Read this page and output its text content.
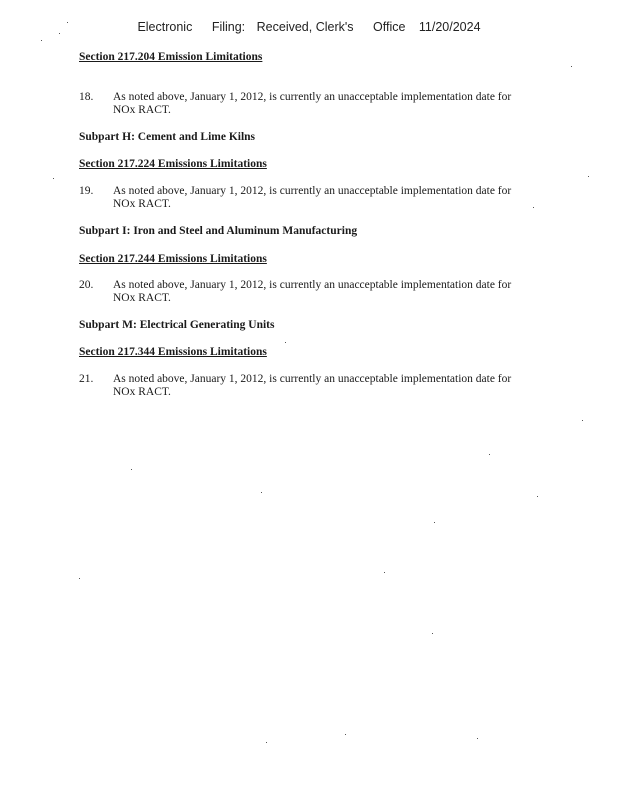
Electronic Filing: Received, Clerk's Office 11/20/2024
Section 217.204 Emission Limitations
18. As noted above, January 1, 2012, is currently an unacceptable implementation date for NOx RACT.
Subpart H: Cement and Lime Kilns
Section 217.224 Emissions Limitations
19. As noted above, January 1, 2012, is currently an unacceptable implementation date for NOx RACT.
Subpart I: Iron and Steel and Aluminum Manufacturing
Section 217.244 Emissions Limitations
20. As noted above, January 1, 2012, is currently an unacceptable implementation date for NOx RACT.
Subpart M: Electrical Generating Units
Section 217.344 Emissions Limitations
21. As noted above, January 1, 2012, is currently an unacceptable implementation date for NOx RACT.
